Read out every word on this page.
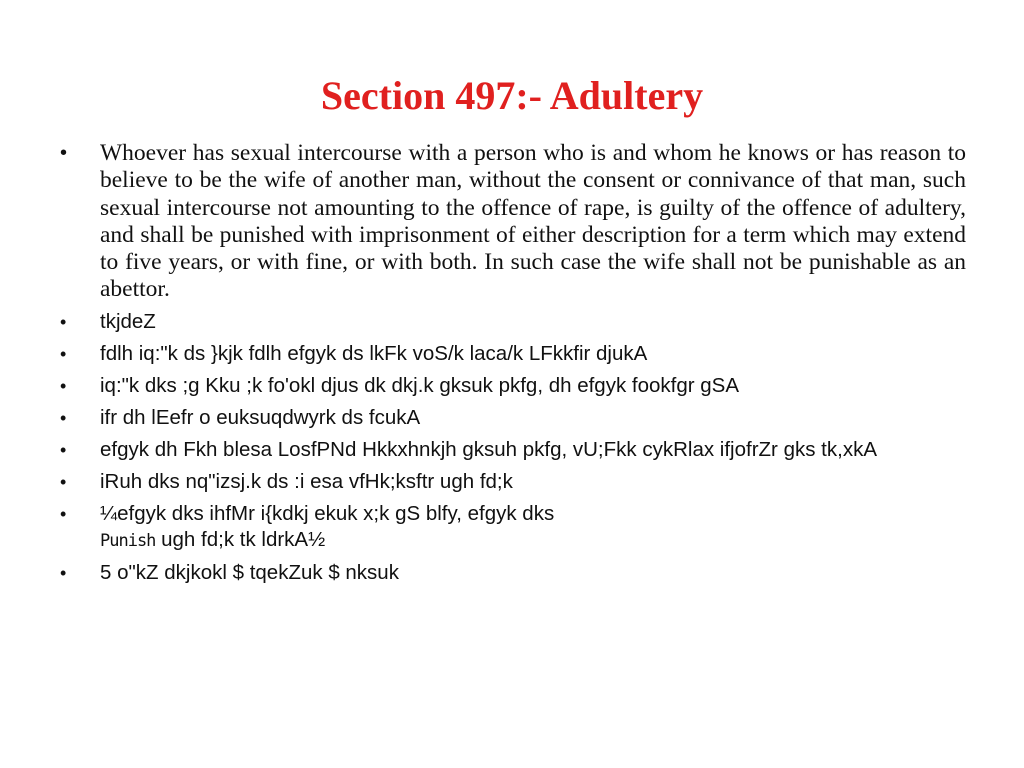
Section 497:- Adultery
• Whoever has sexual intercourse with a person who is and whom he knows or has reason to believe to be the wife of another man, without the consent or connivance of that man, such sexual intercourse not amounting to the offence of rape, is guilty of the offence of adultery, and shall be punished with imprisonment of either description for a term which may extend to five years, or with fine, or with both. In such case the wife shall not be punishable as an abettor.
• tkjdeZ
• fdlh iq:"k ds }kjk fdlh efgyk ds lkFk voS/k laca/k LFkkfir djukA
• iq:"k dks ;g Kku ;k fo'okl djus dk dkj.k gksuk pkfg, dh efgyk fookfgr gSA
• ifr dh lEefr o euksuqdwyrk ds fcukA
• efgyk dh Fkh blesa LosfPNd Hkkxhnkjh gksuh pkfg, vU;Fkk cykRlax ifjofrZr gks tk,xkA
• iRuh dks nq"izsj.k ds :i esa vfHk;ksftr ugh fd;k
• ¼efgyk dks ihfMr i{kdkj ekuk x;k gS blfy, efgyk dks
Punish ugh fd;k tk ldrkA½
• 5 o"kZ dkjkokl $ tqekZuk $ nksuk
